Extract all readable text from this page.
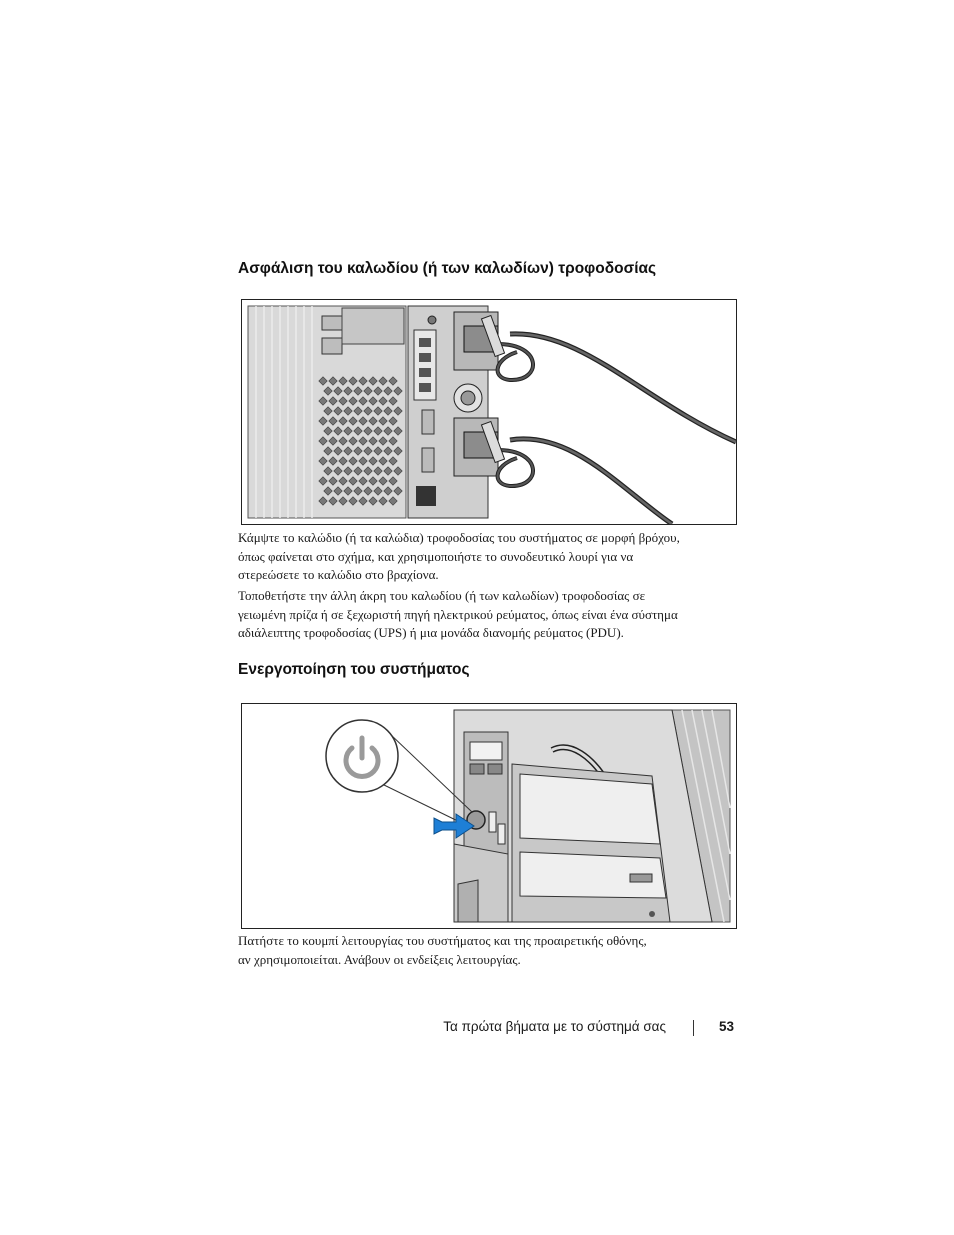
Ασφάλιση του καλωδίου (ή των καλωδίων) τροφοδοσίας
Κάμψτε το καλώδιο (ή τα καλώδια) τροφοδοσίας του συστήματος σε μορφή βρόχου,
όπως φαίνεται στο σχήμα, και χρησιμοποιήστε το συνοδευτικό λουρί για να
στερεώσετε το καλώδιο στο βραχίονα.
Τοποθετήστε την άλλη άκρη του καλωδίου (ή των καλωδίων) τροφοδοσίας σε
γειωμένη πρίζα ή σε ξεχωριστή πηγή ηλεκτρικού ρεύματος, όπως είναι ένα σύστημα
αδιάλειπτης τροφοδοσίας (UPS) ή μια μονάδα διανομής ρεύματος (PDU).
Ενεργοποίηση του συστήματος
Πατήστε το κουμπί λειτουργίας του συστήματος και της προαιρετικής οθόνης,
αν χρησιμοποιείται. Ανάβουν οι ενδείξεις λειτουργίας.
Τα πρώτα βήματα με το σύστημά σας	53
